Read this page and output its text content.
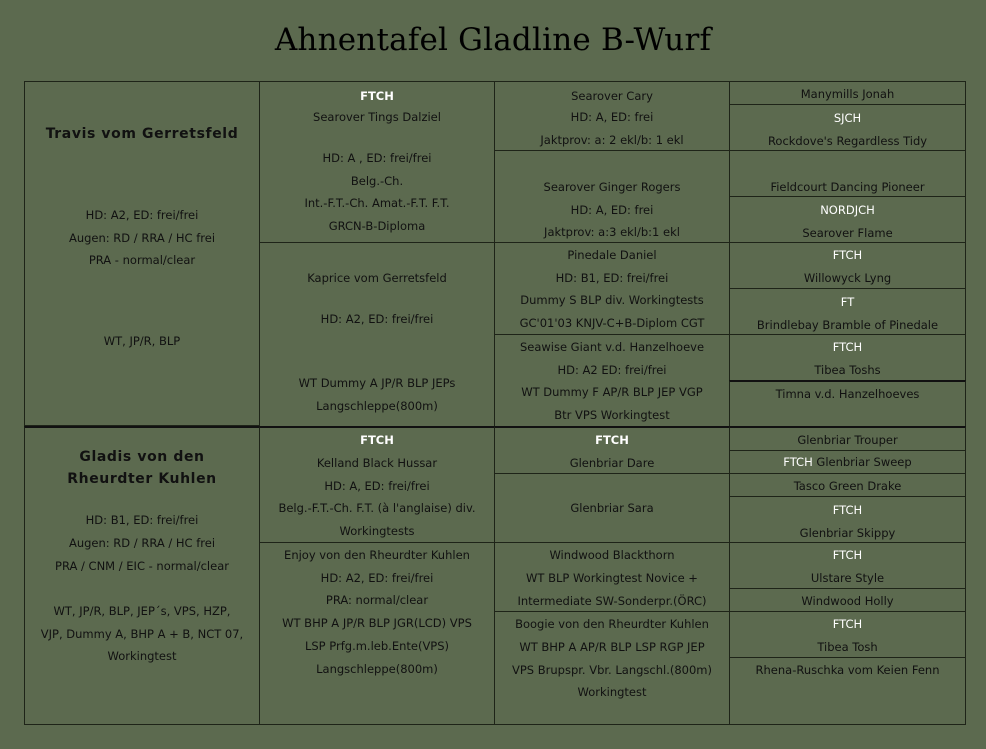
Ahnentafel Gladline B-Wurf
Travis vom Gerretsfeld
HD: A2, ED: frei/frei
Augen: RD / RRA / HC frei
PRA - normal/clear
WT, JP/R, BLP
Gladis von den
Rheurdter Kuhlen
HD: B1, ED: frei/frei
Augen: RD / RRA / HC frei
PRA / CNM / EIC - normal/clear
WT, JP/R, BLP, JEP´s, VPS, HZP,
VJP, Dummy A, BHP A + B, NCT 07,
Workingtest
FTCH
Searover Tings Dalziel
HD: A , ED: frei/frei
Belg.-Ch.
Int.-F.T.-Ch. Amat.-F.T. F.T.
GRCN-B-Diploma
Kaprice vom Gerretsfeld
HD: A2, ED: frei/frei
WT Dummy A JP/R BLP JEPs
Langschleppe(800m)
FTCH
Kelland Black Hussar
HD: A, ED: frei/frei
Belg.-F.T.-Ch. F.T. (à l'anglaise) div.
Workingtests
Enjoy von den Rheurdter Kuhlen
HD: A2, ED: frei/frei
PRA: normal/clear
WT BHP A JP/R BLP JGR(LCD) VPS
LSP Prfg.m.leb.Ente(VPS)
Langschleppe(800m)
Searover Cary
HD: A, ED: frei
Jaktprov: a: 2 ekl/b: 1 ekl
Searover Ginger Rogers
HD: A, ED: frei
Jaktprov: a:3 ekl/b:1 ekl
Pinedale Daniel
HD: B1, ED: frei/frei
Dummy S BLP div. Workingtests
GC'01'03 KNJV-C+B-Diplom CGT
Seawise Giant v.d. Hanzelhoeve
HD: A2 ED: frei/frei
WT Dummy F AP/R BLP JEP VGP
Btr VPS Workingtest
FTCH
Glenbriar Dare
Glenbriar Sara
Windwood Blackthorn
WT BLP Workingtest Novice +
Intermediate SW-Sonderpr.(ÖRC)
Boogie von den Rheurdter Kuhlen
WT BHP A AP/R BLP LSP RGP JEP
VPS Brupspr. Vbr. Langschl.(800m)
Workingtest
Manymills Jonah
SJCH
Rockdove's Regardless Tidy
Fieldcourt Dancing Pioneer
NORDJCH
Searover Flame
FTCH
Willowyck Lyng
FT
Brindlebay Bramble of Pinedale
FTCH
Tibea Toshs
Timna v.d. Hanzelhoeves
Glenbriar Trouper
FTCH Glenbriar Sweep
Tasco Green Drake
FTCH
Glenbriar Skippy
FTCH
Ulstare Style
Windwood Holly
FTCH
Tibea Tosh
Rhena-Ruschka vom Keien Fenn
